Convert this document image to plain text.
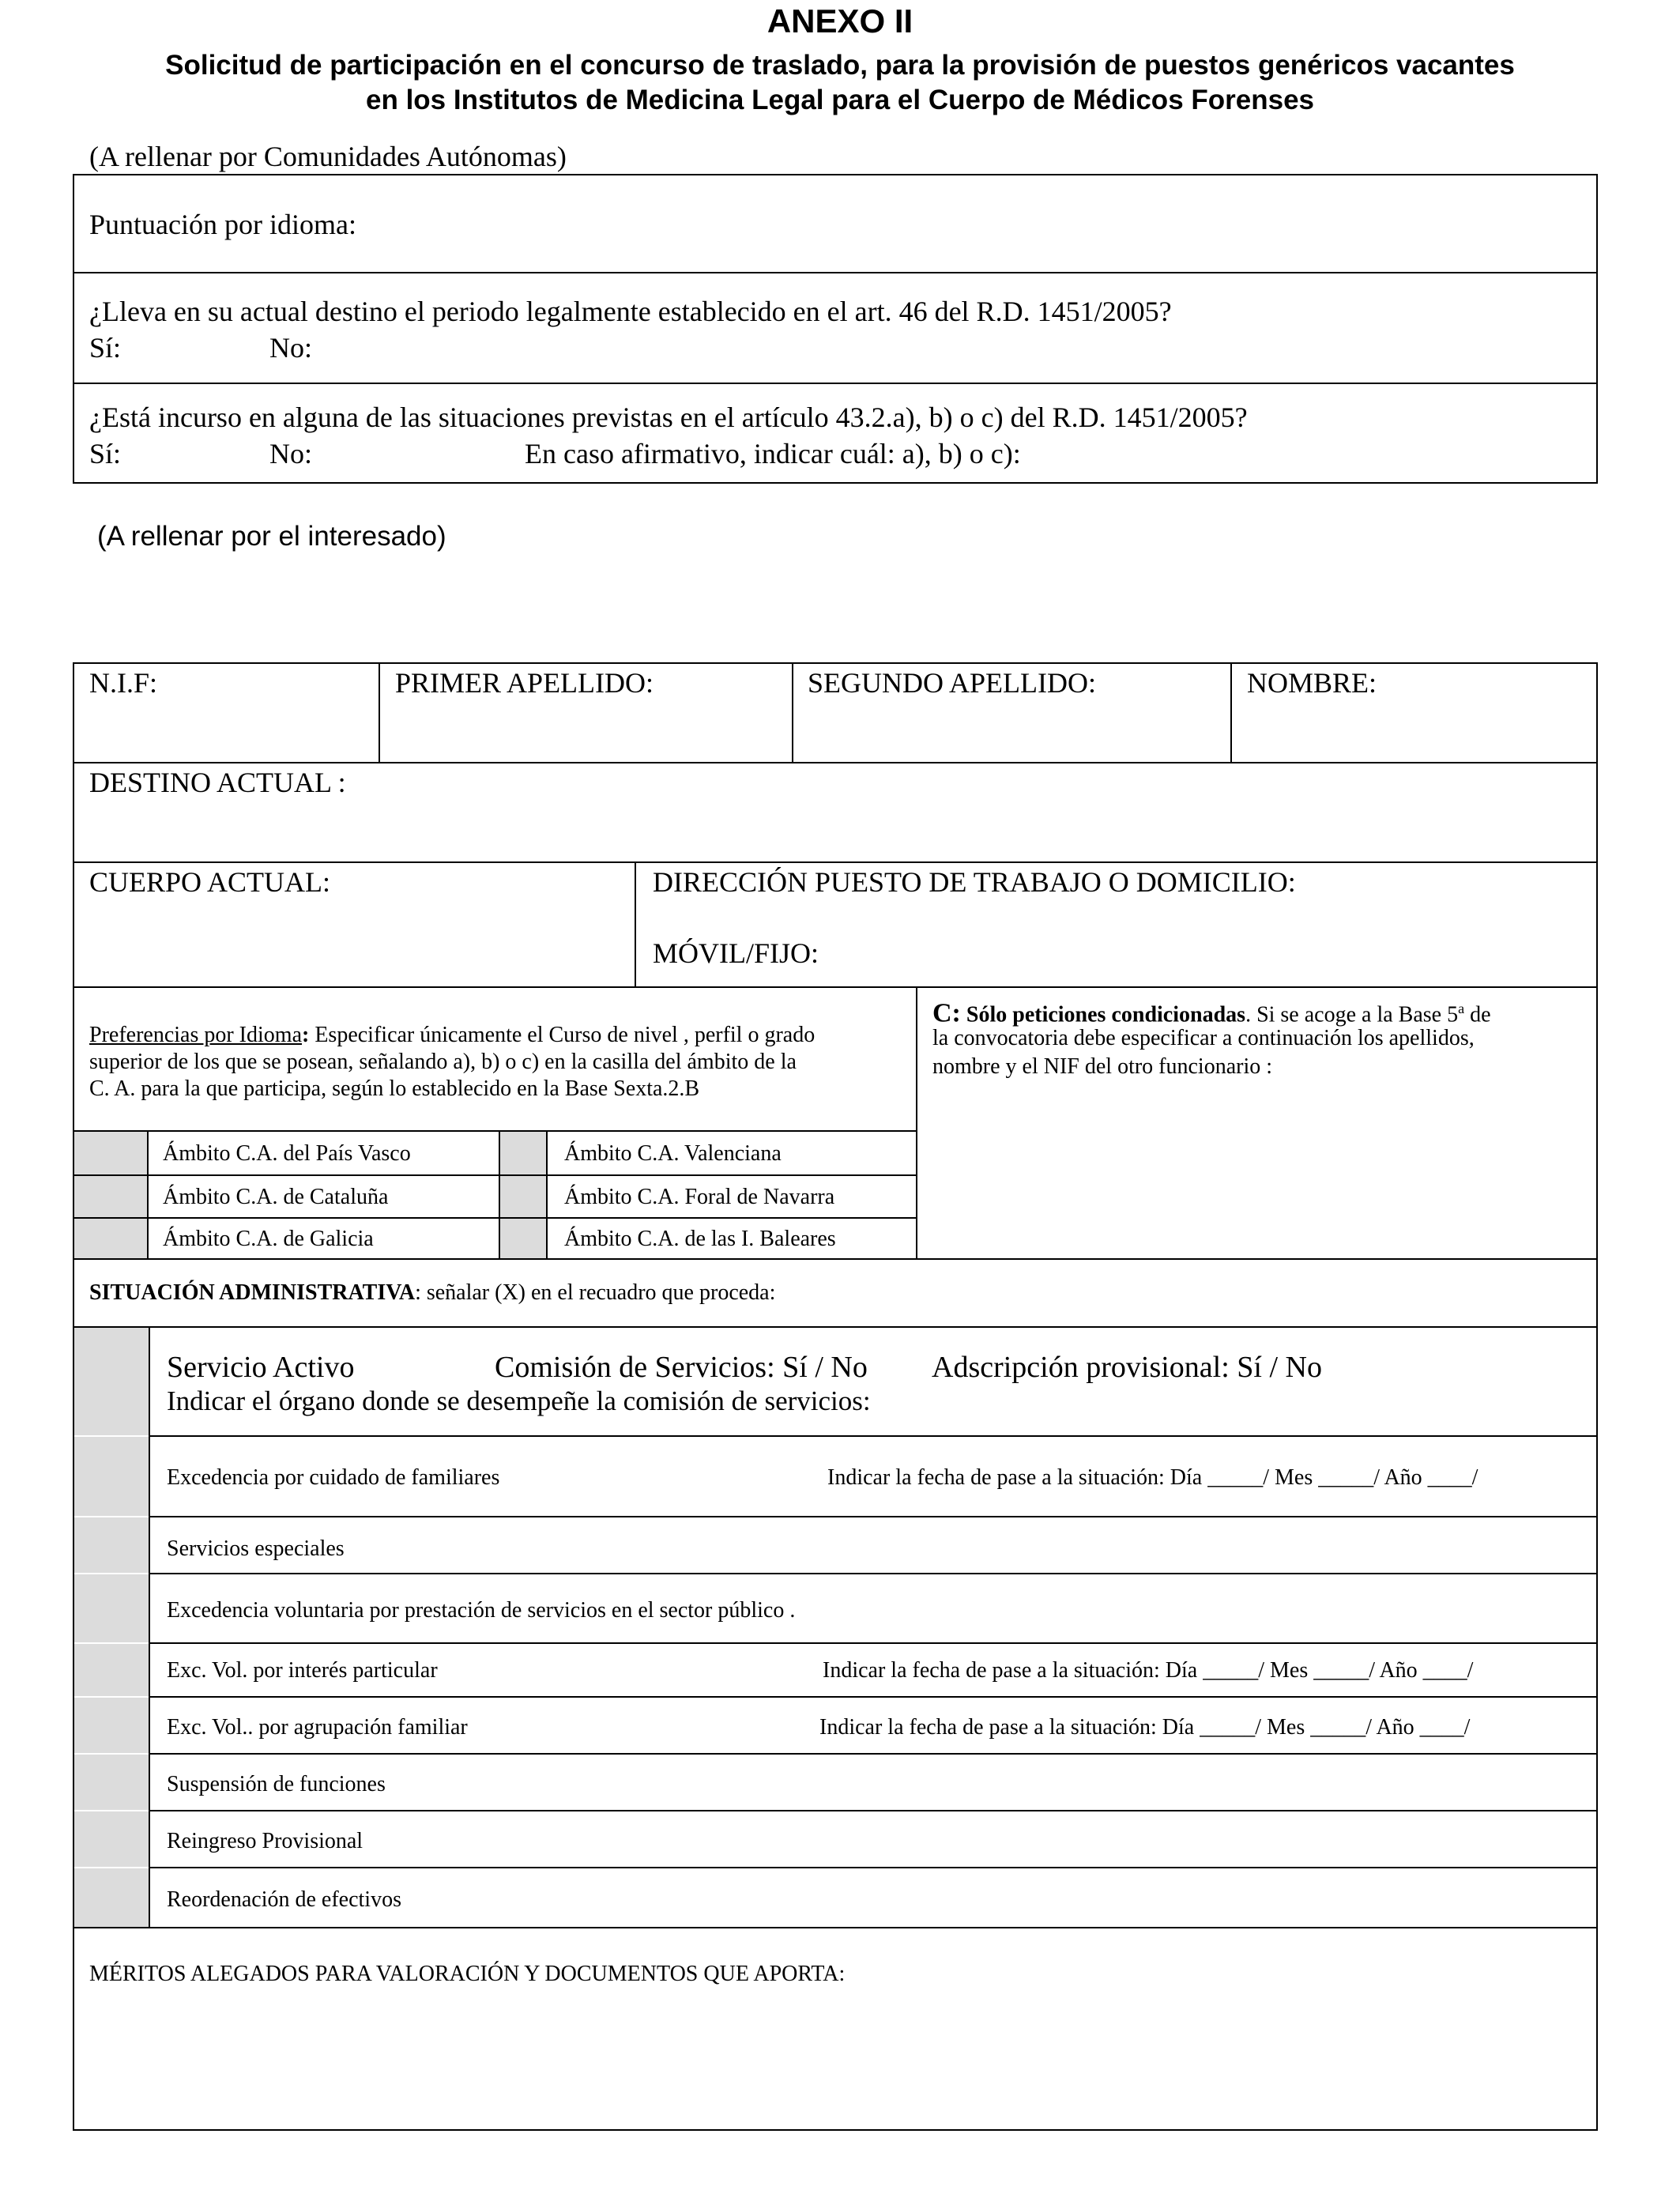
ANEXO II
Solicitud de participación en el concurso de traslado, para la provisión de puestos genéricos vacantes
en los Institutos de Medicina Legal para el Cuerpo de Médicos Forenses
(A rellenar por Comunidades Autónomas)
Puntuación por idioma:
¿Lleva en su actual destino el periodo legalmente establecido en el art. 46 del R.D. 1451/2005?
Sí:	No:
¿Está incurso en alguna de las situaciones previstas en el artículo 43.2.a), b) o c) del R.D. 1451/2005?
Sí:	No:	En caso afirmativo, indicar cuál: a), b) o c):
(A rellenar por el interesado)
N.I.F:	PRIMER APELLIDO:	SEGUNDO APELLIDO:	NOMBRE:
DESTINO ACTUAL :
CUERPO ACTUAL:	DIRECCIÓN PUESTO DE TRABAJO O DOMICILIO:
MÓVIL/FIJO:
Preferencias por Idioma: Especificar únicamente el Curso de nivel , perfil o grado
superior de los que se posean, señalando a), b) o c) en la casilla del ámbito de la
C. A. para la que participa, según lo establecido en la Base Sexta.2.B
Ámbito C.A. del País Vasco	Ámbito C.A. Valenciana
Ámbito C.A. de Cataluña	Ámbito C.A. Foral de Navarra
Ámbito C.A. de Galicia	Ámbito C.A. de las I. Baleares
C: Sólo peticiones condicionadas. Si se acoge a la Base 5$^a$ de
la convocatoria debe especificar a continuación los apellidos,
nombre y el NIF del otro funcionario :
SITUACIÓN ADMINISTRATIVA: señalar (X) en el recuadro que proceda:
Servicio Activo	Comisión de Servicios: Sí / No Adscripción provisional: Sí / No
Indicar el órgano donde se desempeñe la comisión de servicios:
Excedencia por cuidado de familiares	Indicar la fecha de pase a la situación: Día _____/ Mes _____/ Año ____/
Servicios especiales
Excedencia voluntaria por prestación de servicios en el sector público .
Exc. Vol. por interés particular	Indicar la fecha de pase a la situación: Día _____/ Mes _____/ Año ____/
Exc. Vol.. por agrupación familiar	Indicar la fecha de pase a la situación: Día _____/ Mes _____/ Año ____/
Suspensión de funciones
Reingreso Provisional
Reordenación de efectivos
MÉRITOS ALEGADOS PARA VALORACIÓN Y DOCUMENTOS QUE APORTA:
